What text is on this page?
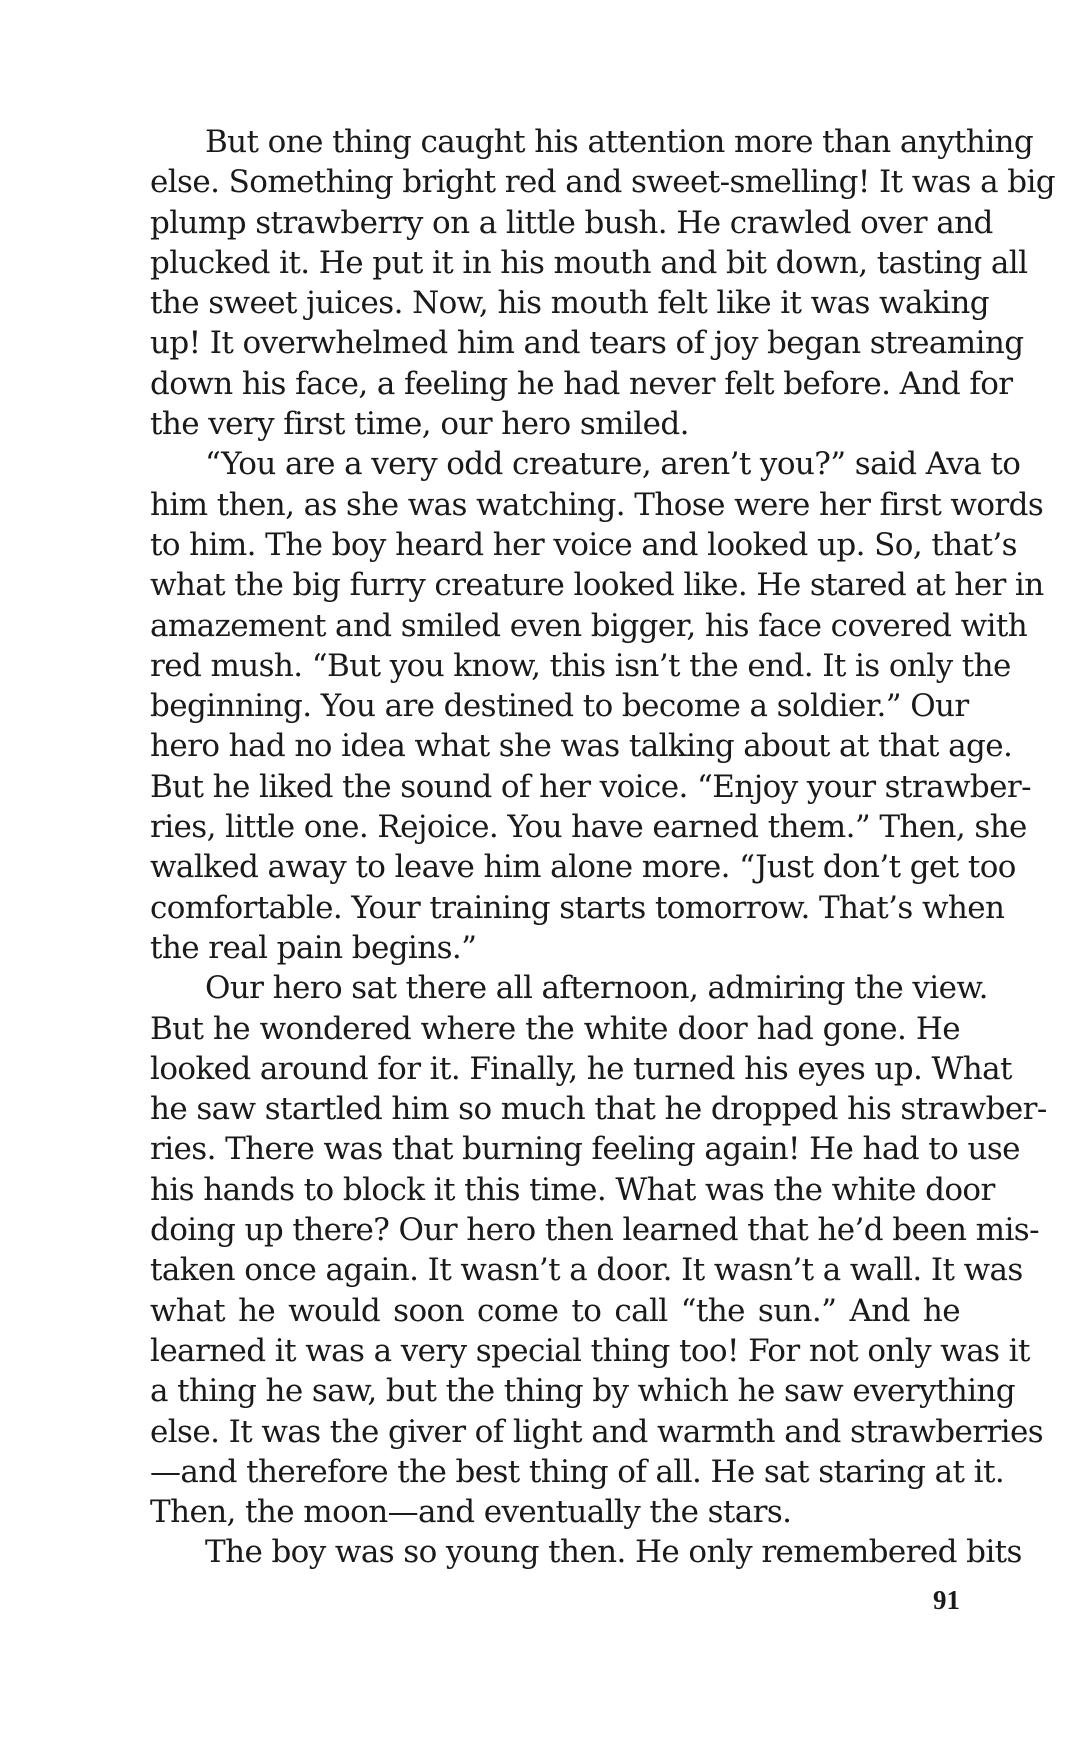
But one thing caught his attention more than anything
else. Something bright red and sweet-smelling! It was a big
plump strawberry on a little bush. He crawled over and
plucked it. He put it in his mouth and bit down, tasting all
the sweet juices. Now, his mouth felt like it was waking
up! It overwhelmed him and tears of joy began streaming
down his face, a feeling he had never felt before. And for
the very first time, our hero smiled.
“You are a very odd creature, aren’t you?” said Ava to
him then, as she was watching. Those were her first words
to him. The boy heard her voice and looked up. So, that’s
what the big furry creature looked like. He stared at her in
amazement and smiled even bigger, his face covered with
red mush. “But you know, this isn’t the end. It is only the
beginning. You are destined to become a soldier.” Our
hero had no idea what she was talking about at that age.
But he liked the sound of her voice. “Enjoy your strawber-
ries, little one. Rejoice. You have earned them.” Then, she
walked away to leave him alone more. “Just don’t get too
comfortable. Your training starts tomorrow. That’s when
the real pain begins.”
Our hero sat there all afternoon, admiring the view.
But he wondered where the white door had gone. He
looked around for it. Finally, he turned his eyes up. What
he saw startled him so much that he dropped his strawber-
ries. There was that burning feeling again! He had to use
his hands to block it this time. What was the white door
doing up there? Our hero then learned that he’d been mis-
taken once again. It wasn’t a door. It wasn’t a wall. It was
what he would soon come to call “the sun.” And he
learned it was a very special thing too! For not only was it
a thing he saw, but the thing by which he saw everything
else. It was the giver of light and warmth and strawberries
—and therefore the best thing of all. He sat staring at it.
Then, the moon—and eventually the stars.
The boy was so young then. He only remembered bits
91
